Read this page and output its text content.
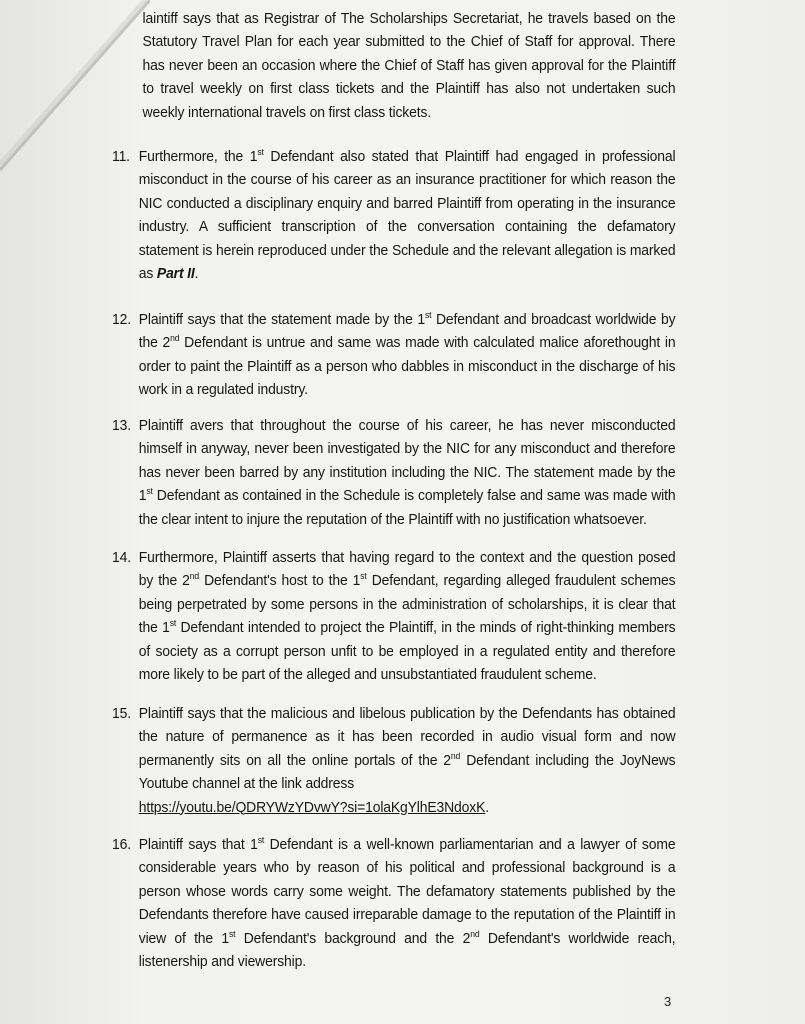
laintiff says that as Registrar of The Scholarships Secretariat, he travels based on the Statutory Travel Plan for each year submitted to the Chief of Staff for approval. There has never been an occasion where the Chief of Staff has given approval for the Plaintiff to travel weekly on first class tickets and the Plaintiff has also not undertaken such weekly international travels on first class tickets.
11. Furthermore, the 1st Defendant also stated that Plaintiff had engaged in professional misconduct in the course of his career as an insurance practitioner for which reason the NIC conducted a disciplinary enquiry and barred Plaintiff from operating in the insurance industry. A sufficient transcription of the conversation containing the defamatory statement is herein reproduced under the Schedule and the relevant allegation is marked as Part II.
12. Plaintiff says that the statement made by the 1st Defendant and broadcast worldwide by the 2nd Defendant is untrue and same was made with calculated malice aforethought in order to paint the Plaintiff as a person who dabbles in misconduct in the discharge of his work in a regulated industry.
13. Plaintiff avers that throughout the course of his career, he has never misconducted himself in anyway, never been investigated by the NIC for any misconduct and therefore has never been barred by any institution including the NIC. The statement made by the 1st Defendant as contained in the Schedule is completely false and same was made with the clear intent to injure the reputation of the Plaintiff with no justification whatsoever.
14. Furthermore, Plaintiff asserts that having regard to the context and the question posed by the 2nd Defendant's host to the 1st Defendant, regarding alleged fraudulent schemes being perpetrated by some persons in the administration of scholarships, it is clear that the 1st Defendant intended to project the Plaintiff, in the minds of right-thinking members of society as a corrupt person unfit to be employed in a regulated entity and therefore more likely to be part of the alleged and unsubstantiated fraudulent scheme.
15. Plaintiff says that the malicious and libelous publication by the Defendants has obtained the nature of permanence as it has been recorded in audio visual form and now permanently sits on all the online portals of the 2nd Defendant including the JoyNews Youtube channel at the link address
https://youtu.be/QDRYWzYDvwY?si=1olaKgYlhE3NdoxK.
16. Plaintiff says that 1st Defendant is a well-known parliamentarian and a lawyer of some considerable years who by reason of his political and professional background is a person whose words carry some weight. The defamatory statements published by the Defendants therefore have caused irreparable damage to the reputation of the Plaintiff in view of the 1st Defendant's background and the 2nd Defendant's worldwide reach, listenership and viewership.
3
